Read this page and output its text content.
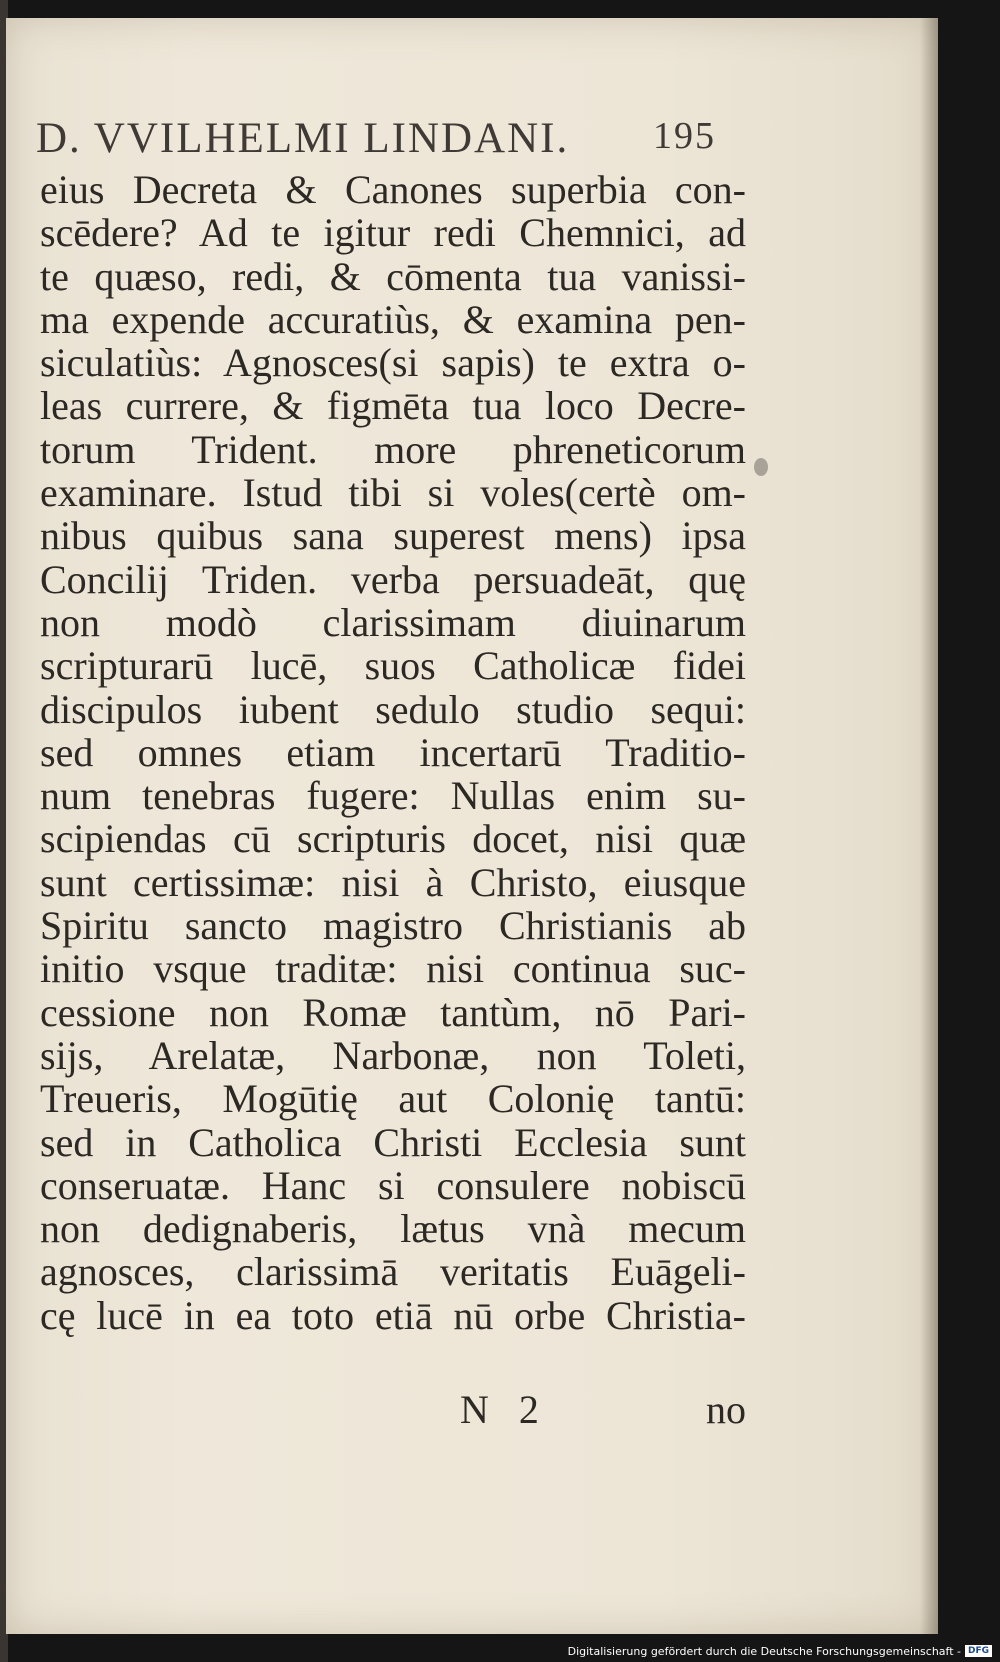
D. VVILHELMI LINDANI. 195
eius Decreta & Canones superbia con-
scēdere? Ad te igitur redi Chemnici, ad
te quæso, redi, & cōmenta tua vanissi-
ma expende accuratiùs, & examina pen-
siculatiùs: Agnosces(si sapis) te extra o-
leas currere, & figmēta tua loco Decre-
torum Trident. more phreneticorum
examinare. Istud tibi si voles(certè om-
nibus quibus sana superest mens) ipsa
Concilij Triden. verba persuadeāt, quę
non modò clarissimam diuinarum
scripturarū lucē, suos Catholicæ fidei
discipulos iubent sedulo studio sequi:
sed omnes etiam incertarū Traditio-
num tenebras fugere: Nullas enim su-
scipiendas cū scripturis docet, nisi quæ
sunt certissimæ: nisi à Christo, eiusque
Spiritu sancto magistro Christianis ab
initio vsque traditæ: nisi continua suc-
cessione non Romæ tantùm, nō Pari-
sijs, Arelatæ, Narbonæ, non Toleti,
Treueris, Mogūtię aut Colonię tantū:
sed in Catholica Christi Ecclesia sunt
conseruatæ. Hanc si consulere nobiscū
non dedignaberis, lætus vnà mecum
agnosces, clarissimā veritatis Euāgeli-
cę lucē in ea toto etiā nū orbe Christia-
N 2	no
Digitalisierung gefördert durch die Deutsche Forschungsgemeinschaft - DFG
